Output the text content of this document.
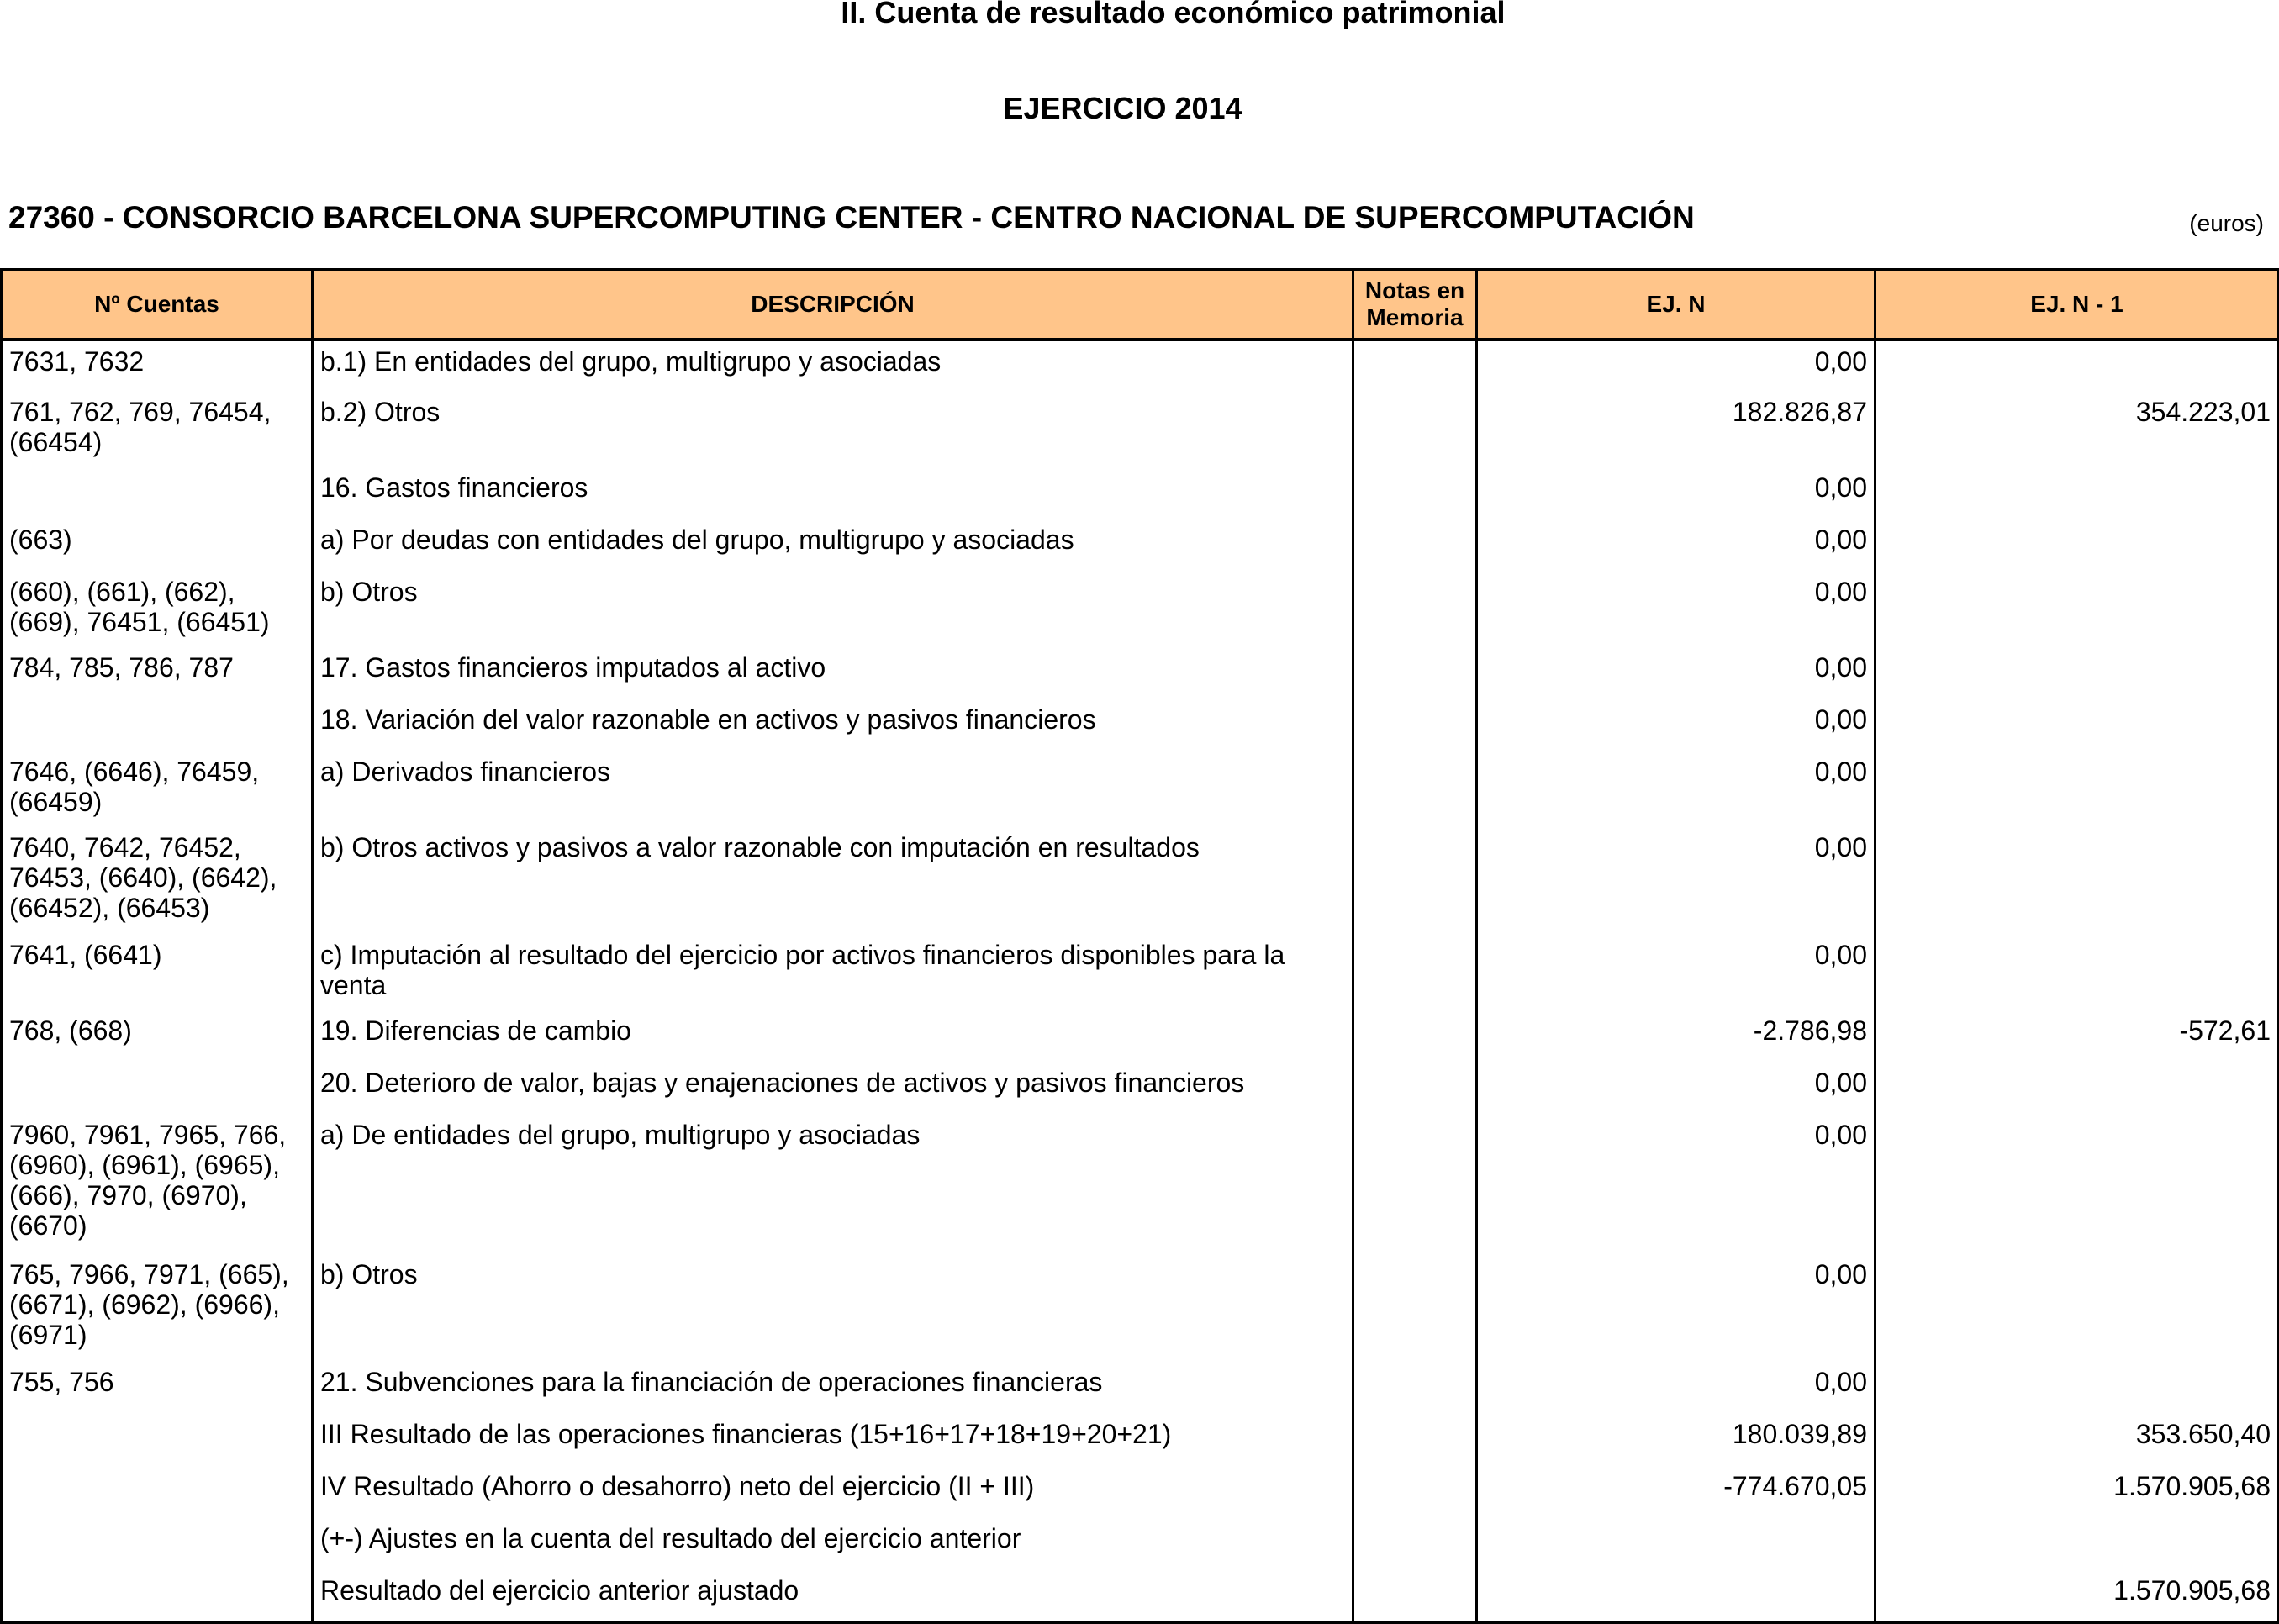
II. Cuenta de resultado económico patrimonial
EJERCICIO 2014
27360 - CONSORCIO BARCELONA SUPERCOMPUTING CENTER - CENTRO NACIONAL DE SUPERCOMPUTACIÓN	(euros)
Nº Cuentas	DESCRIPCIÓN	Notas en Memoria	EJ. N	EJ. N - 1
7631, 7632	b.1) En entidades del grupo, multigrupo y asociadas		0,00	
761, 762, 769, 76454, (66454)	b.2) Otros		182.826,87	354.223,01
	16. Gastos financieros		0,00	
(663)	a) Por deudas con entidades del grupo, multigrupo y asociadas		0,00	
(660), (661), (662), (669), 76451, (66451)	b) Otros		0,00	
784, 785, 786, 787	17. Gastos financieros imputados al activo		0,00	
	18. Variación del valor razonable en activos y pasivos financieros		0,00	
7646, (6646), 76459, (66459)	a) Derivados financieros		0,00	
7640, 7642, 76452, 76453, (6640), (6642), (66452), (66453)	b) Otros activos y pasivos a valor razonable con imputación en resultados		0,00	
7641, (6641)	c) Imputación al resultado del ejercicio por activos financieros disponibles para la venta		0,00	
768, (668)	19. Diferencias de cambio		-2.786,98	-572,61
	20. Deterioro de valor, bajas y enajenaciones de activos y pasivos financieros		0,00	
7960, 7961, 7965, 766, (6960), (6961), (6965), (666), 7970, (6970), (6670)	a) De entidades del grupo, multigrupo y asociadas		0,00	
765, 7966, 7971, (665), (6671), (6962), (6966), (6971)	b) Otros		0,00	
755, 756	21. Subvenciones para la financiación de operaciones financieras		0,00	
	III Resultado de las operaciones financieras (15+16+17+18+19+20+21)		180.039,89	353.650,40
	IV Resultado (Ahorro o desahorro) neto del ejercicio (II + III)		-774.670,05	1.570.905,68
	(+-) Ajustes en la cuenta del resultado del ejercicio anterior			
	Resultado del ejercicio anterior ajustado			1.570.905,68
